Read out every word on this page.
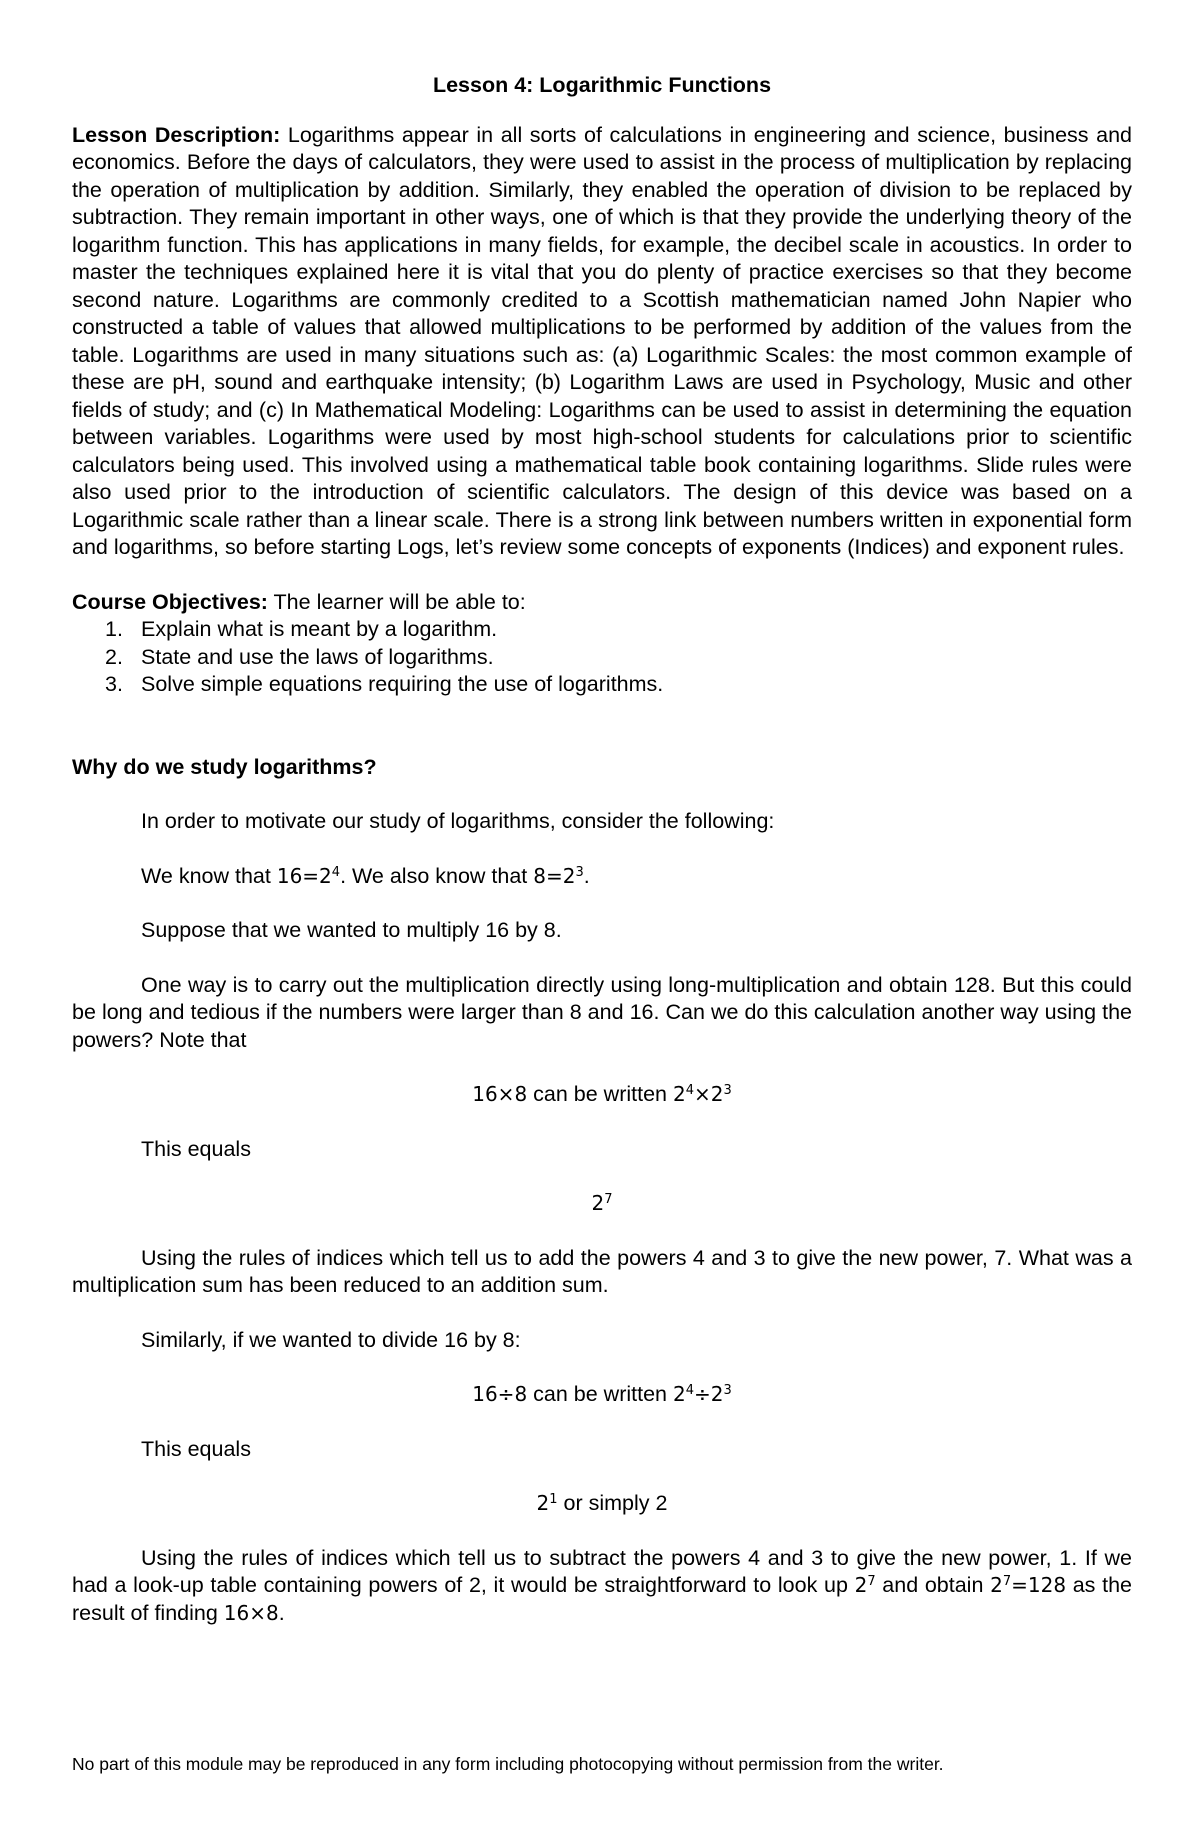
Lesson 4: Logarithmic Functions

Lesson Description: Logarithms appear in all sorts of calculations in engineering and science, business and economics. Before the days of calculators, they were used to assist in the process of multiplication by replacing the operation of multiplication by addition. Similarly, they enabled the operation of division to be replaced by subtraction. They remain important in other ways, one of which is that they provide the underlying theory of the logarithm function. This has applications in many fields, for example, the decibel scale in acoustics. In order to master the techniques explained here it is vital that you do plenty of practice exercises so that they become second nature. Logarithms are commonly credited to a Scottish mathematician named John Napier who constructed a table of values that allowed multiplications to be performed by addition of the values from the table. Logarithms are used in many situations such as: (a) Logarithmic Scales: the most common example of these are pH, sound and earthquake intensity; (b) Logarithm Laws are used in Psychology, Music and other fields of study; and (c) In Mathematical Modeling: Logarithms can be used to assist in determining the equation between variables. Logarithms were used by most high-school students for calculations prior to scientific calculators being used. This involved using a mathematical table book containing logarithms. Slide rules were also used prior to the introduction of scientific calculators. The design of this device was based on a Logarithmic scale rather than a linear scale. There is a strong link between numbers written in exponential form and logarithms, so before starting Logs, let’s review some concepts of exponents (Indices) and exponent rules.

Course Objectives: The learner will be able to:
1. Explain what is meant by a logarithm.
2. State and use the laws of logarithms.
3. Solve simple equations requiring the use of logarithms.
Why do we study logarithms?
In order to motivate our study of logarithms, consider the following:
We know that $16=2^4$. We also know that $8=2^3$.
Suppose that we wanted to multiply 16 by 8.

One way is to carry out the multiplication directly using long-multiplication and obtain 128. But this could be long and tedious if the numbers were larger than 8 and 16. Can we do this calculation another way using the powers? Note that

16×8 can be written $2^4\times 2^3$
This equals
$2^7$

Using the rules of indices which tell us to add the powers 4 and 3 to give the new power, 7. What was a multiplication sum has been reduced to an addition sum.

Similarly, if we wanted to divide 16 by 8:
16÷8 can be written $2^4\div 2^3$
This equals
$2^1$ or simply 2

Using the rules of indices which tell us to subtract the powers 4 and 3 to give the new power, 1. If we had a look-up table containing powers of 2, it would be straightforward to look up $2^7$ and obtain $2^7=128$ as the result of finding 16×8.

No part of this module may be reproduced in any form including photocopying without permission from the writer.
